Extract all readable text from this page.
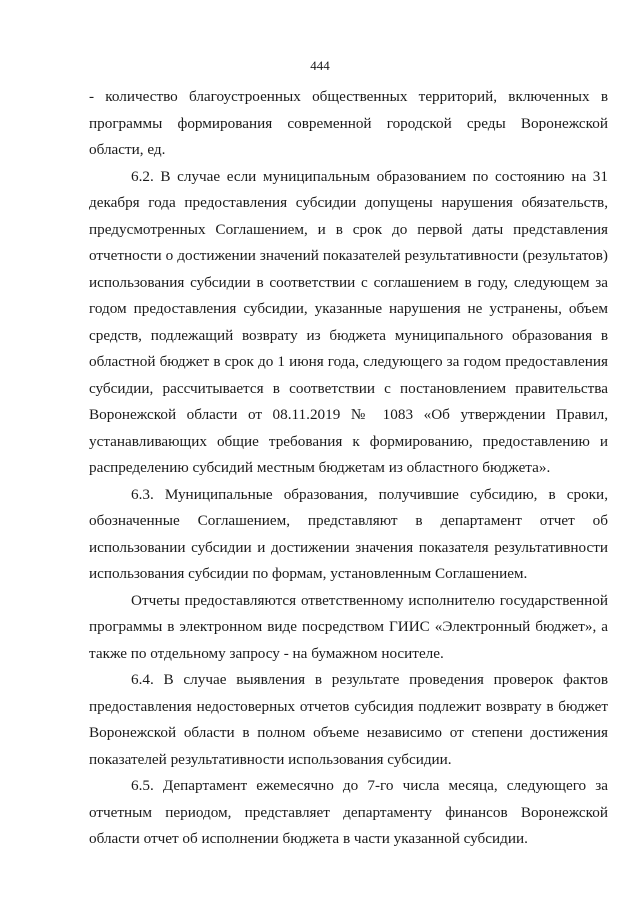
444

- количество благоустроенных общественных территорий, включенных в программы формирования современной городской среды Воронежской области, ед.

6.2. В случае если муниципальным образованием по состоянию на 31 декабря года предоставления субсидии допущены нарушения обязательств, предусмотренных Соглашением, и в срок до первой даты представления отчетности о достижении значений показателей результативности (результатов) использования субсидии в соответствии с соглашением в году, следующем за годом предоставления субсидии, указанные нарушения не устранены, объем средств, подлежащий возврату из бюджета муниципального образования в областной бюджет в срок до 1 июня года, следующего за годом предоставления субсидии, рассчитывается в соответствии с постановлением правительства Воронежской области от 08.11.2019 № 1083 «Об утверждении Правил, устанавливающих общие требования к формированию, предоставлению и распределению субсидий местным бюджетам из областного бюджета».

6.3. Муниципальные образования, получившие субсидию, в сроки, обозначенные Соглашением, представляют в департамент отчет об использовании субсидии и достижении значения показателя результативности использования субсидии по формам, установленным Соглашением.

Отчеты предоставляются ответственному исполнителю государственной программы в электронном виде посредством ГИИС «Электронный бюджет», а также по отдельному запросу - на бумажном носителе.

6.4. В случае выявления в результате проведения проверок фактов предоставления недостоверных отчетов субсидия подлежит возврату в бюджет Воронежской области в полном объеме независимо от степени достижения показателей результативности использования субсидии.

6.5. Департамент ежемесячно до 7-го числа месяца, следующего за отчетным периодом, представляет департаменту финансов Воронежской области отчет об исполнении бюджета в части указанной субсидии.
